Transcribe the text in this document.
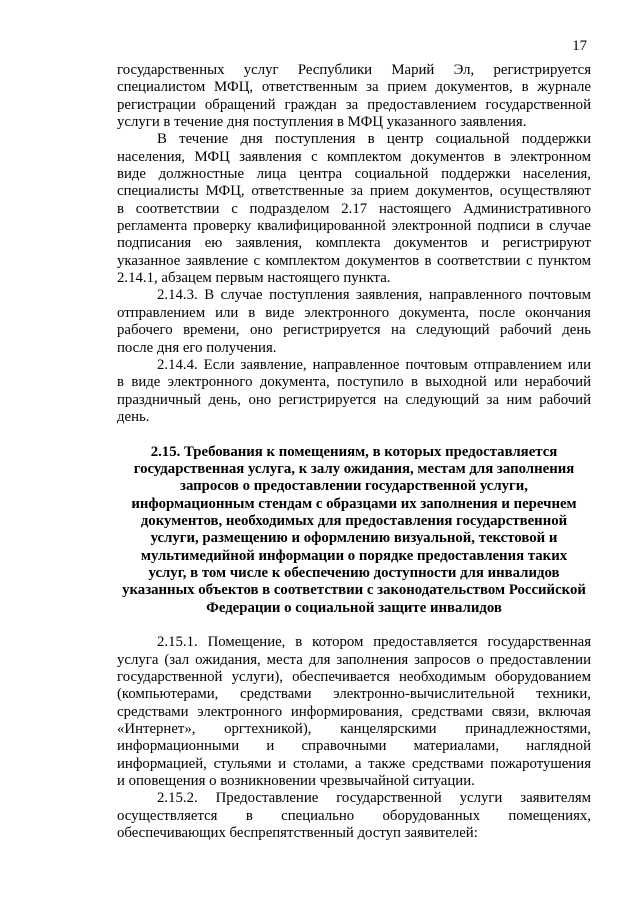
17
государственных услуг Республики Марий Эл, регистрируется
специалистом МФЦ, ответственным за прием документов, в журнале
регистрации обращений граждан за предоставлением государственной
услуги в течение дня поступления в МФЦ указанного заявления.
В течение дня поступления в центр социальной поддержки
населения, МФЦ заявления с комплектом документов в электронном
виде должностные лица центра социальной поддержки населения,
специалисты МФЦ, ответственные за прием документов, осуществляют
в соответствии с подразделом 2.17 настоящего Административного
регламента проверку квалифицированной электронной подписи в случае
подписания ею заявления, комплекта документов и регистрируют
указанное заявление с комплектом документов в соответствии с пунктом
2.14.1, абзацем первым настоящего пункта.
2.14.3. В случае поступления заявления, направленного почтовым
отправлением или в виде электронного документа, после окончания
рабочего времени, оно регистрируется на следующий рабочий день
после дня его получения.
2.14.4. Если заявление, направленное почтовым отправлением или
в виде электронного документа, поступило в выходной или нерабочий
праздничный день, оно регистрируется на следующий за ним рабочий
день.
2.15. Требования к помещениям, в которых предоставляется
государственная услуга, к залу ожидания, местам для заполнения
запросов о предоставлении государственной услуги,
информационным стендам с образцами их заполнения и перечнем
документов, необходимых для предоставления государственной
услуги, размещению и оформлению визуальной, текстовой и
мультимедийной информации о порядке предоставления таких
услуг, в том числе к обеспечению доступности для инвалидов
указанных объектов в соответствии с законодательством Российской
Федерации о социальной защите инвалидов
2.15.1. Помещение, в котором предоставляется государственная
услуга (зал ожидания, места для заполнения запросов о предоставлении
государственной услуги), обеспечивается необходимым оборудованием
(компьютерами, средствами электронно-вычислительной техники,
средствами электронного информирования, средствами связи, включая
«Интернет», оргтехникой), канцелярскими принадлежностями,
информационными и справочными материалами, наглядной
информацией, стульями и столами, а также средствами пожаротушения
и оповещения о возникновении чрезвычайной ситуации.
2.15.2. Предоставление государственной услуги заявителям
осуществляется в специально оборудованных помещениях,
обеспечивающих беспрепятственный доступ заявителей:
